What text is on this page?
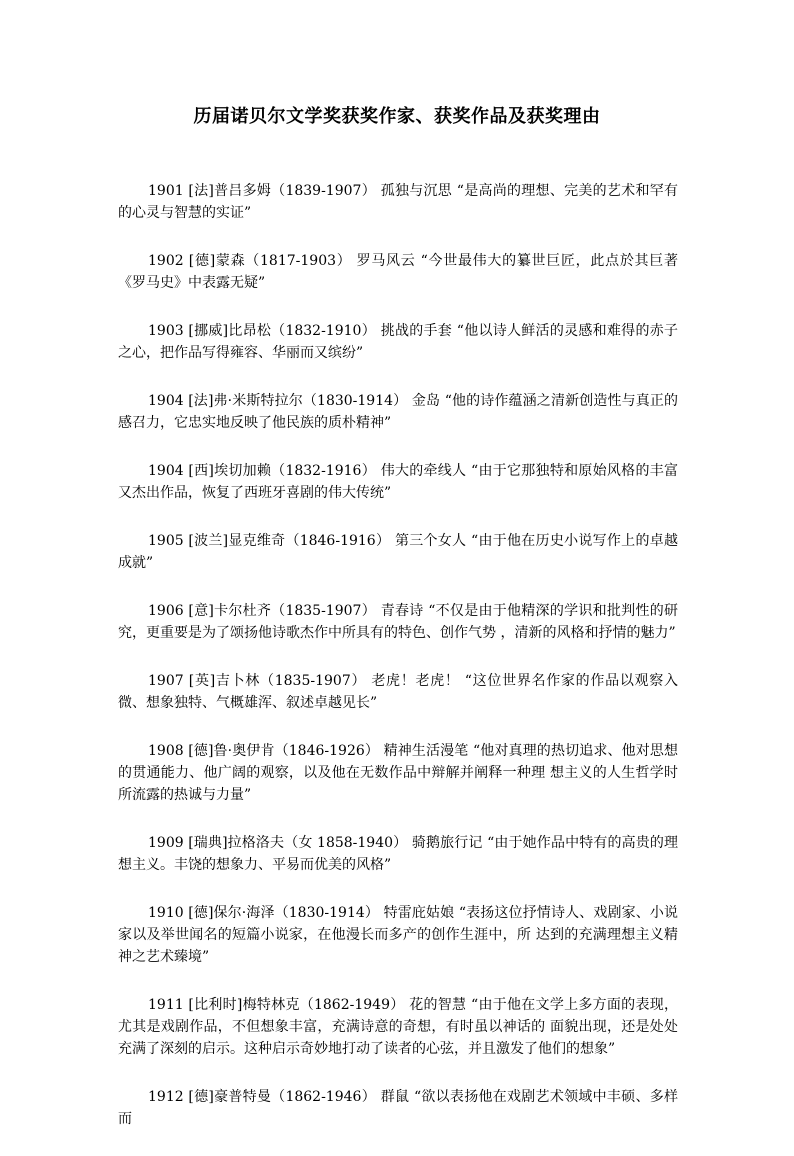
历届诺贝尔文学奖获奖作家、获奖作品及获奖理由

1901 [法]普吕多姆（1839-1907） 孤独与沉思 “是高尚的理想、完美的艺术和罕有的心灵与智慧的实证”

1902 [德]蒙森（1817-1903） 罗马风云 “今世最伟大的纂世巨匠，此点於其巨著《罗马史》中表露无疑”

1903 [挪威]比昂松（1832-1910） 挑战的手套 “他以诗人鲜活的灵感和难得的赤子之心，把作品写得雍容、华丽而又缤纷”

1904 [法]弗·米斯特拉尔（1830-1914） 金岛 “他的诗作蕴涵之清新创造性与真正的感召力，它忠实地反映了他民族的质朴精神”

1904 [西]埃切加赖（1832-1916） 伟大的牵线人 “由于它那独特和原始风格的丰富又杰出作品，恢复了西班牙喜剧的伟大传统”

1905 [波兰]显克维奇（1846-1916） 第三个女人 “由于他在历史小说写作上的卓越成就”

1906 [意]卡尔杜齐（1835-1907） 青春诗 “不仅是由于他精深的学识和批判性的研究，更重要是为了颂扬他诗歌杰作中所具有的特色、创作气势 ，清新的风格和抒情的魅力”

1907 [英]吉卜林（1835-1907） 老虎！老虎！ “这位世界名作家的作品以观察入微、想象独特、气概雄浑、叙述卓越见长”

1908 [德]鲁·奥伊肯（1846-1926） 精神生活漫笔 “他对真理的热切追求、他对思想的贯通能力、他广阔的观察，以及他在无数作品中辩解并阐释一种理 想主义的人生哲学时所流露的热诚与力量”

1909 [瑞典]拉格洛夫（女 1858-1940） 骑鹅旅行记 “由于她作品中特有的高贵的理想主义。丰饶的想象力、平易而优美的风格”

1910 [德]保尔·海泽（1830-1914） 特雷庇姑娘 “表扬这位抒情诗人、戏剧家、小说家以及举世闻名的短篇小说家，在他漫长而多产的创作生涯中，所 达到的充满理想主义精神之艺术臻境”

1911 [比利时]梅特林克（1862-1949） 花的智慧 “由于他在文学上多方面的表现，尤其是戏剧作品，不但想象丰富，充满诗意的奇想，有时虽以神话的 面貌出现，还是处处充满了深刻的启示。这种启示奇妙地打动了读者的心弦，并且激发了他们的想象”

1912 [德]豪普特曼（1862-1946） 群鼠 “欲以表扬他在戏剧艺术领域中丰硕、多样而
